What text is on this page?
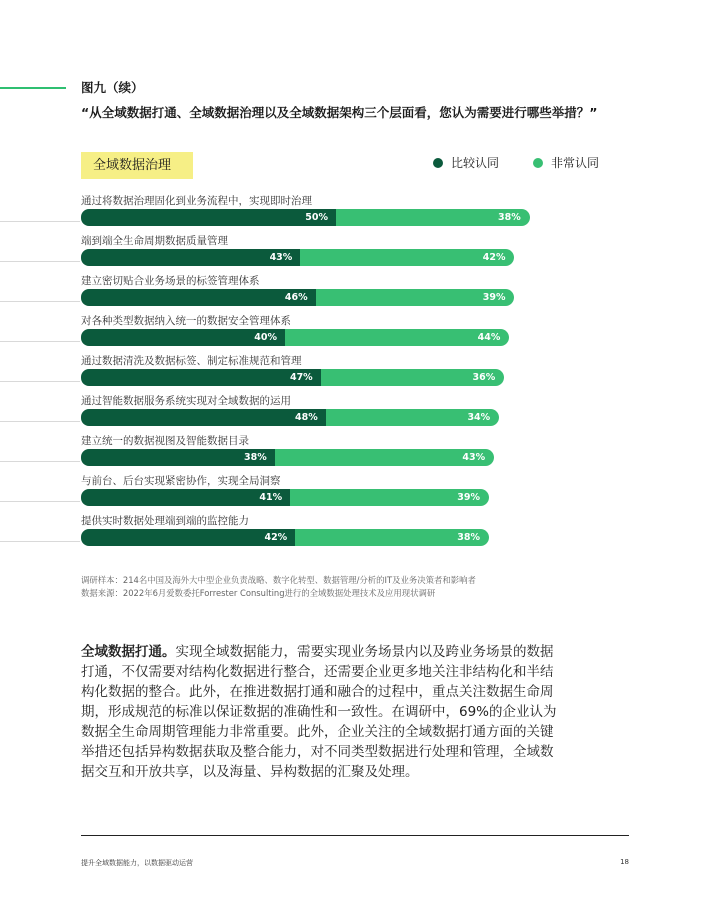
图九（续）
“从全域数据打通、全域数据治理以及全域数据架构三个层面看，您认为需要进行哪些举措？”
全域数据治理	比较认同	非常认同
通过将数据治理固化到业务流程中，实现即时治理
50%	38%
端到端全生命周期数据质量管理
43%	42%
建立密切贴合业务场景的标签管理体系
46%	39%
对各种类型数据纳入统一的数据安全管理体系
40%	44%
通过数据清洗及数据标签、制定标准规范和管理
47%	36%
通过智能数据服务系统实现对全域数据的运用
48%	34%
建立统一的数据视图及智能数据目录
38%	43%
与前台、后台实现紧密协作，实现全局洞察
41%	39%
提供实时数据处理端到端的监控能力
42%	38%
调研样本：214名中国及海外大中型企业负责战略、数字化转型、数据管理/分析的IT及业务决策者和影响者
数据来源：2022年6月爱数委托Forrester Consulting进行的全域数据处理技术及应用现状调研
全域数据打通。实现全域数据能力，需要实现业务场景内以及跨业务场景的数据打通，不仅需要对结构化数据进行整合，还需要企业更多地关注非结构化和半结构化数据的整合。此外，在推进数据打通和融合的过程中，重点关注数据生命周期，形成规范的标准以保证数据的准确性和一致性。在调研中，69%的企业认为数据全生命周期管理能力非常重要。此外，企业关注的全域数据打通方面的关键举措还包括异构数据获取及整合能力，对不同类型数据进行处理和管理，全域数据交互和开放共享，以及海量、异构数据的汇聚及处理。
提升全域数据能力，以数据驱动运营	18
